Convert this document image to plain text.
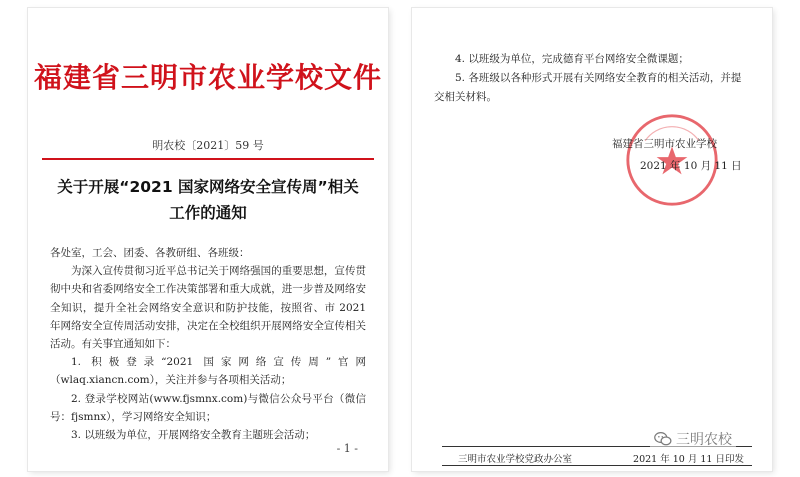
福建省三明市农业学校文件
明农校〔2021〕59 号
关于开展“2021 国家网络安全宣传周”相关
工作的通知

各处室，工会、团委、各教研组、各班级：

为深入宣传贯彻习近平总书记关于网络强国的重要思想，宣传贯彻中央和省委网络安全工作决策部署和重大成就，进一步普及网络安全知识，提升全社会网络安全意识和防护技能，按照省、市 2021 年网络安全宣传周活动安排，决定在全校组织开展网络安全宣传相关活动。有关事宜通知如下：

1. 积极登录“2021 国家网络宣传周”官网（wlaq.xiancn.com），关注并参与各项相关活动；

2. 登录学校网站(www.fjsmnx.com)与微信公众号平台（微信号：fjsmnx），学习网络安全知识；

3. 以班级为单位，开展网络安全教育主题班会活动；

- 1 -

4. 以班级为单位，完成德育平台网络安全微课题；

5. 各班级以各种形式开展有关网络安全教育的相关活动，并提交相关材料。

福建省三明市农业学校
2021 年 10 月 11 日
三明市农业学校党政办公室	2021 年 10 月 11 日印发
三明农校
